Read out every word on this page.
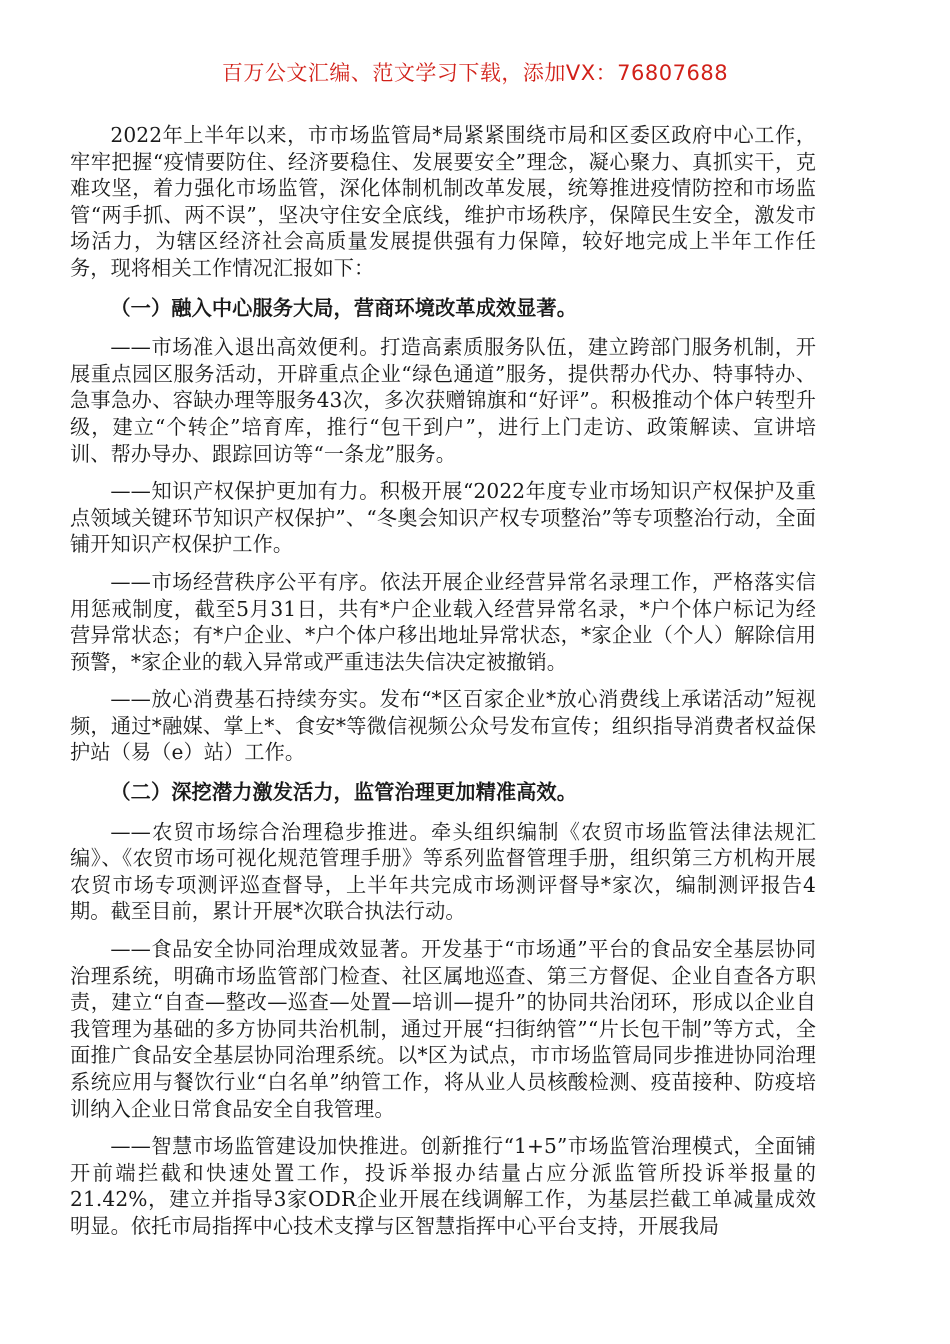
百万公文汇编、范文学习下载，添加VX：76807688

2022年上半年以来，市市场监管局*局紧紧围绕市局和区委区政府中心工作，牢牢把握“疫情要防住、经济要稳住、发展要安全”理念，凝心聚力、真抓实干，克难攻坚，着力强化市场监管，深化体制机制改革发展，统筹推进疫情防控和市场监管“两手抓、两不误”，坚决守住安全底线，维护市场秩序，保障民生安全，激发市场活力，为辖区经济社会高质量发展提供强有力保障，较好地完成上半年工作任务，现将相关工作情况汇报如下：

（一）融入中心服务大局，营商环境改革成效显著。

——市场准入退出高效便利。打造高素质服务队伍，建立跨部门服务机制，开展重点园区服务活动，开辟重点企业“绿色通道”服务，提供帮办代办、特事特办、急事急办、容缺办理等服务43次，多次获赠锦旗和“好评”。积极推动个体户转型升级，建立“个转企”培育库，推行“包干到户”，进行上门走访、政策解读、宣讲培训、帮办导办、跟踪回访等“一条龙”服务。

——知识产权保护更加有力。积极开展“2022年度专业市场知识产权保护及重点领域关键环节知识产权保护”、“冬奥会知识产权专项整治”等专项整治行动，全面铺开知识产权保护工作。

——市场经营秩序公平有序。依法开展企业经营异常名录理工作，严格落实信用惩戒制度，截至5月31日，共有*户企业载入经营异常名录，*户个体户标记为经营异常状态；有*户企业、*户个体户移出地址异常状态，*家企业（个人）解除信用预警，*家企业的载入异常或严重违法失信决定被撤销。

——放心消费基石持续夯实。发布“*区百家企业*放心消费线上承诺活动”短视频，通过*融媒、掌上*、食安*等微信视频公众号发布宣传；组织指导消费者权益保护站（易（e）站）工作。

（二）深挖潜力激发活力，监管治理更加精准高效。

——农贸市场综合治理稳步推进。牵头组织编制《农贸市场监管法律法规汇编》、《农贸市场可视化规范管理手册》等系列监督管理手册，组织第三方机构开展农贸市场专项测评巡查督导，上半年共完成市场测评督导*家次，编制测评报告4期。截至目前，累计开展*次联合执法行动。

——食品安全协同治理成效显著。开发基于“市场通”平台的食品安全基层协同治理系统，明确市场监管部门检查、社区属地巡查、第三方督促、企业自查各方职责，建立“自查—整改—巡查—处置—培训—提升”的协同共治闭环，形成以企业自我管理为基础的多方协同共治机制，通过开展“扫街纳管”“片长包干制”等方式，全面推广食品安全基层协同治理系统。以*区为试点，市市场监管局同步推进协同治理系统应用与餐饮行业“白名单”纳管工作，将从业人员核酸检测、疫苗接种、防疫培训纳入企业日常食品安全自我管理。

——智慧市场监管建设加快推进。创新推行“1+5”市场监管治理模式，全面铺开前端拦截和快速处置工作，投诉举报办结量占应分派监管所投诉举报量的21.42%，建立并指导3家ODR企业开展在线调解工作，为基层拦截工单减量成效明显。依托市局指挥中心技术支撑与区智慧指挥中心平台支持，开展我局
